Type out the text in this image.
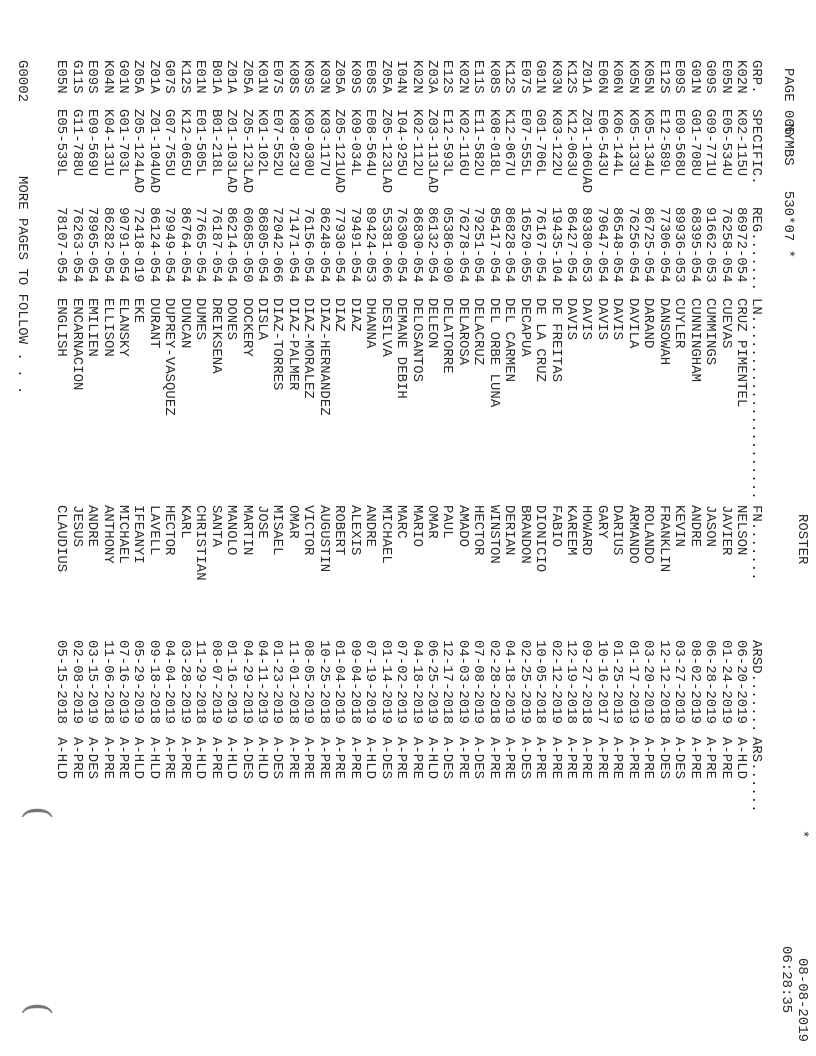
NYMBS   530*07 *

PAGE 005
ROSTER
*
08-08-2019
06:28:35

GRP.

SPECIFIC.

REG.......

LN......................

FN.......

ARSD.......

ARS......

K02N
K02-115U
86972-054
CRUZ PIMENTEL
NELSON
06-20-2019
A-HLD
E05N
E05-534U
76258-054
CUEVAS
JAVIER
01-24-2019
A-PRE
G09S
G09-771U
91662-053
CUMMINGS
JASON
06-28-2019
A-PRE
G01N
G01-708U
68395-054
CUNNINGHAM
ANDRE
08-02-2019
A-PRE
E09S
E09-568U
89936-053
CUYLER
KEVIN
03-27-2019
A-DES
E12S
E12-589L
77306-054
DANSOWAH
FRANKLIN
12-12-2018
A-DES
K05N
K05-134U
86725-054
DARAND
ROLANDO
03-20-2019
A-PRE
K05N
K05-133U
76256-054
DAVILA
ARMANDO
01-17-2019
A-PRE
K06N
K06-144L
86548-054
DAVIS
DARIUS
01-25-2019
A-PRE
E06N
E06-543U
79647-054
DAVIS
GARY
10-16-2017
A-PRE
Z01A
Z01-106UAD
89380-053
DAVIS
HOWARD
09-27-2018
A-PRE
K12S
K12-063U
86427-054
DAVIS
KAREEM
12-19-2018
A-PRE
K03N
K03-122U
19435-104
DE FREITAS
FABIO
02-12-2019
A-PRE
G01N
G01-706L
76167-054
DE LA CRUZ
DIONICIO
10-05-2018
A-PRE
E07S
E07-555L
16520-055
DECAPUA
BRANDON
02-25-2019
A-DES
K12S
K12-067U
86828-054
DEL CARMEN
DERIAN
04-18-2019
A-PRE
K08S
K08-018L
85417-054
DEL ORBE LUNA
WINSTON
02-28-2018
A-PRE
E11S
E11-582U
79251-054
DELACRUZ
HECTOR
07-08-2019
A-DES
K02N
K02-116U
76278-054
DELAROSA
AMADO
04-03-2019
A-PRE
E12S
E12-593L
05386-090
DELATORRE
PAUL
12-17-2018
A-DES
Z03A
Z03-113LAD
86132-054
DELEON
OMAR
06-25-2019
A-HLD
K02N
K02-112U
86830-054
DELOSANTOS
MARIO
04-18-2019
A-PRE
I04N
I04-925U
76300-054
DEMANE DEBIH
MARC
07-02-2019
A-PRE
Z05A
Z05-123LAD
55381-066
DESILVA
MICHAEL
01-14-2019
A-DES
E08S
E08-564U
89424-053
DHANNA
ANDRE
07-19-2019
A-HLD
K09S
K09-034L
79491-054
DIAZ
ALEXIS
09-04-2018
A-PRE
Z05A
Z05-121UAD
77930-054
DIAZ
ROBERT
01-04-2019
A-PRE
K03N
K03-117U
86248-054
DIAZ-HERNANDEZ
AUGUSTIN
10-25-2018
A-PRE
K09S
K09-030U
76156-054
DIAZ-MORALEZ
VICTOR
08-05-2019
A-PRE
K08S
K08-023U
71471-054
DIAZ-PALMER
OMAR
11-01-2018
A-PRE
E07S
E07-552U
72042-066
DIAZ-TORRES
MISAEL
01-23-2019
A-DES
K01N
K01-102L
86805-054
DISLA
JOSE
04-11-2019
A-HLD
Z05A
Z05-123LAD
60685-050
DOCKERY
MARTIN
04-29-2019
A-DES
Z01A
Z01-103LAD
86214-054
DONES
MANOLO
01-16-2019
A-HLD
B01A
B01-218L
76187-054
DREIKSENA
SANTA
08-07-2019
A-PRE
E01N
E01-505L
77665-054
DUMES
CHRISTIAN
11-29-2018
A-HLD
K12S
K12-065U
86764-054
DUNCAN
KARL
03-28-2019
A-PRE
G07S
G07-755U
79949-054
DUPREY-VASQUEZ
HECTOR
04-04-2019
A-PRE
Z01A
Z01-104UAD
86124-054
DURANT
LAVELL
09-18-2018
A-HLD
Z05A
Z05-124LAD
72418-019
EKE
IFEANYI
05-29-2019
A-HLD
G01N
G01-703L
90791-054
ELANSKY
MICHAEL
07-16-2019
A-PRE
K04N
K04-131U
86282-054
ELLISON
ANTHONY
11-06-2018
A-PRE
E09S
E09-569U
78965-054
EMILIEN
ANDRE
03-15-2019
A-DES
G11S
G11-788U
76263-054
ENCARNACION
JESUS
02-08-2019
A-PRE
E05N
E05-539L
78107-054
ENGLISH
CLAUDIUS
05-15-2018
A-HLD
G0002
MORE PAGES TO FOLLOW . . .
(
(
